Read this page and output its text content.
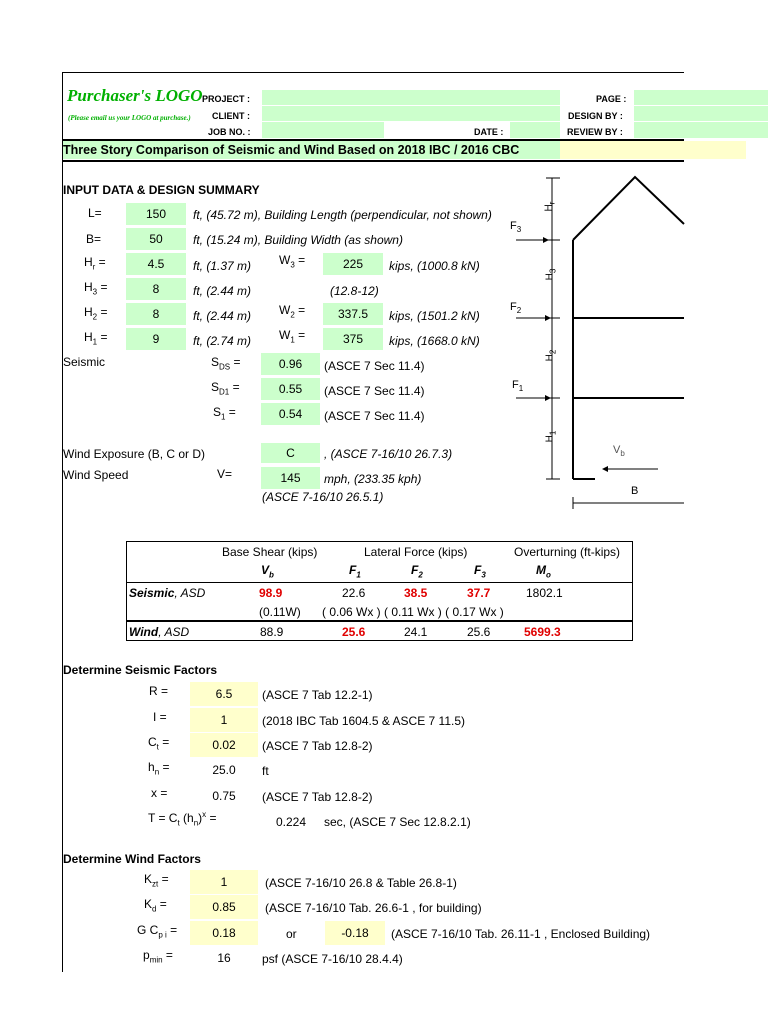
Purchaser's LOGO
(Please email us your LOGO at purchase.)
PROJECT :
CLIENT :
JOB NO. :	DATE :
PAGE :
DESIGN BY :
REVIEW BY :
Three Story Comparison of Seismic and Wind Based on 2018 IBC / 2016 CBC
INPUT DATA & DESIGN SUMMARY
L=	150	ft, (45.72 m), Building Length (perpendicular, not shown)
B=	50	ft, (15.24 m), Building Width (as shown)
$H_r$ =	4.5	ft, (1.37 m) $W_3$ =	225	kips, (1000.8 kN)
$H_3$ =	8	ft, (2.44 m)	(12.8-12)
$H_2$ =	8	ft, (2.44 m) $W_2$ =	337.5	kips, (1501.2 kN)
$H_1$ =	9	ft, (2.74 m) $W_1$ =	375	kips, (1668.0 kN)
Seismic	$S_{DS}$ =	0.96	(ASCE 7 Sec 11.4)
$S_{D1}$ =	0.55	(ASCE 7 Sec 11.4)
$S_1$ =	0.54	(ASCE 7 Sec 11.4)
Wind Exposure (B, C or D)	C	, (ASCE 7-16/10 26.7.3)
Wind Speed	V=	145	mph, (233.35 kph)
(ASCE 7-16/10 26.5.1)
$H_r$
$H_3$
$H_2$
$H_1$
$F_3$
$F_2$
$F_1$
$V_b$
B
Base Shear (kips)	Lateral Force (kips)	Overturning (ft-kips)
$V_b$	$F_1$	$F_2$	$F_3$	$M_o$
Seismic, ASD	98.9	22.6	38.5	37.7	1802.1
(0.11W) ( 0.06 Wx ) ( 0.11 Wx ) ( 0.17 Wx )
Wind, ASD	88.9	25.6	24.1	25.6	5699.3
Determine Seismic Factors
R =	6.5	(ASCE 7 Tab 12.2-1)
I =	1	(2018 IBC Tab 1604.5 & ASCE 7 11.5)
$C_t$ =	0.02	(ASCE 7 Tab 12.8-2)
$h_n$ =	25.0	ft
x =	0.75	(ASCE 7 Tab 12.8-2)
$T = C_t$ $(h_n)^x$ =	0.224 sec, (ASCE 7 Sec 12.8.2.1)
Determine Wind Factors
$K_{zt}$ =	1	(ASCE 7-16/10 26.8 & Table 26.8-1)
$K_d$ =	0.85	(ASCE 7-16/10 Tab. 26.6-1 , for building)
G $C_{p i}$ =	0.18	or	-0.18	(ASCE 7-16/10 Tab. 26.11-1 , Enclosed Building)
$p_{min}$ =	16	psf (ASCE 7-16/10 28.4.4)
